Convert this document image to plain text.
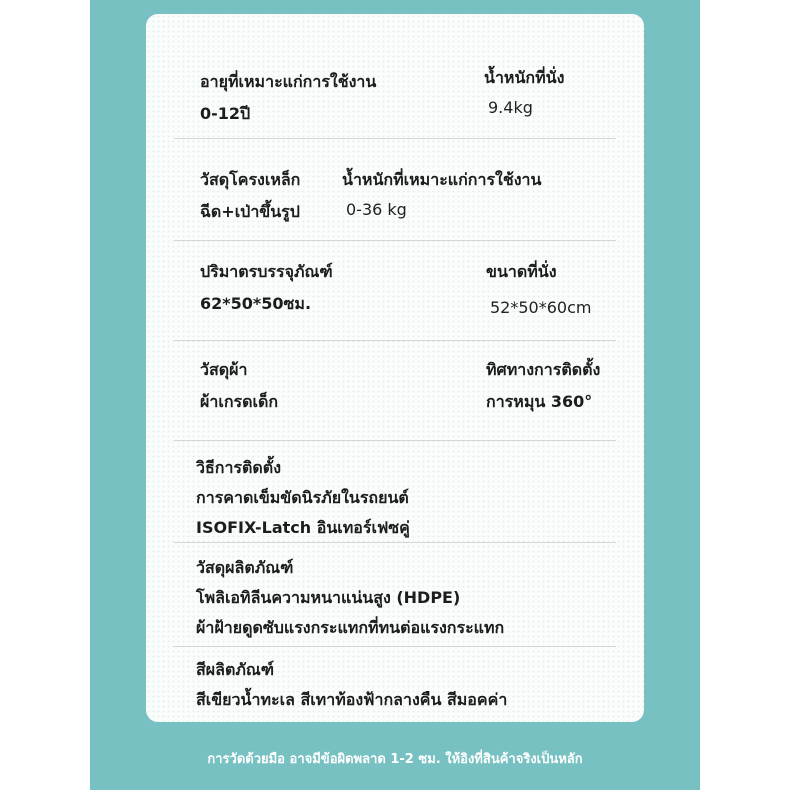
อายุที่เหมาะแก่การใช้งาน
0-12ปี
น้ำหนักที่นั่ง
9.4kg
วัสดุโครงเหล็ก
ฉีด+เป่าขึ้นรูป
น้ำหนักที่เหมาะแก่การใช้งาน
0-36 kg
ปริมาตรบรรจุภัณฑ์
62*50*50ซม.
ขนาดที่นั่ง
52*50*60cm
วัสดุผ้า
ผ้าเกรดเด็ก
ทิศทางการติดตั้ง
การหมุน 360°
วิธีการติดตั้ง
การคาดเข็มขัดนิรภัยในรถยนต์
ISOFIX-Latch อินเทอร์เฟซคู่
วัสดุผลิตภัณฑ์
โพลิเอทิลีนความหนาแน่นสูง (HDPE)
ผ้าฝ้ายดูดซับแรงกระแทกที่ทนต่อแรงกระแทก
สีผลิตภัณฑ์
สีเขียวน้ำทะเล สีเทาท้องฟ้ากลางคืน สีมอคค่า
การวัดด้วยมือ อาจมีข้อผิดพลาด 1-2 ซม. ให้อิงที่สินค้าจริงเป็นหลัก
